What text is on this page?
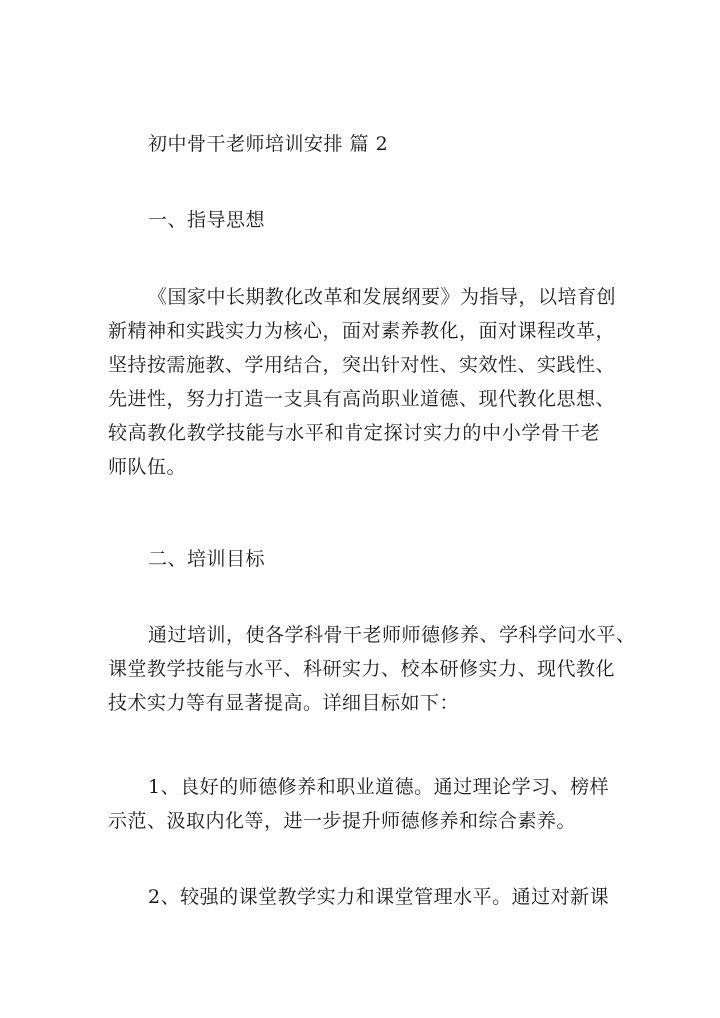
初中骨干老师培训安排 篇 2
一、指导思想
《国家中长期教化改革和发展纲要》为指导，以培育创
新精神和实践实力为核心，面对素养教化，面对课程改革，
坚持按需施教、学用结合，突出针对性、实效性、实践性、
先进性，努力打造一支具有高尚职业道德、现代教化思想、
较高教化教学技能与水平和肯定探讨实力的中小学骨干老
师队伍。
二、培训目标
通过培训，使各学科骨干老师师德修养、学科学问水平、
课堂教学技能与水平、科研实力、校本研修实力、现代教化
技术实力等有显著提高。详细目标如下：
1、良好的师德修养和职业道德。通过理论学习、榜样
示范、汲取内化等，进一步提升师德修养和综合素养。
2、较强的课堂教学实力和课堂管理水平。通过对新课
